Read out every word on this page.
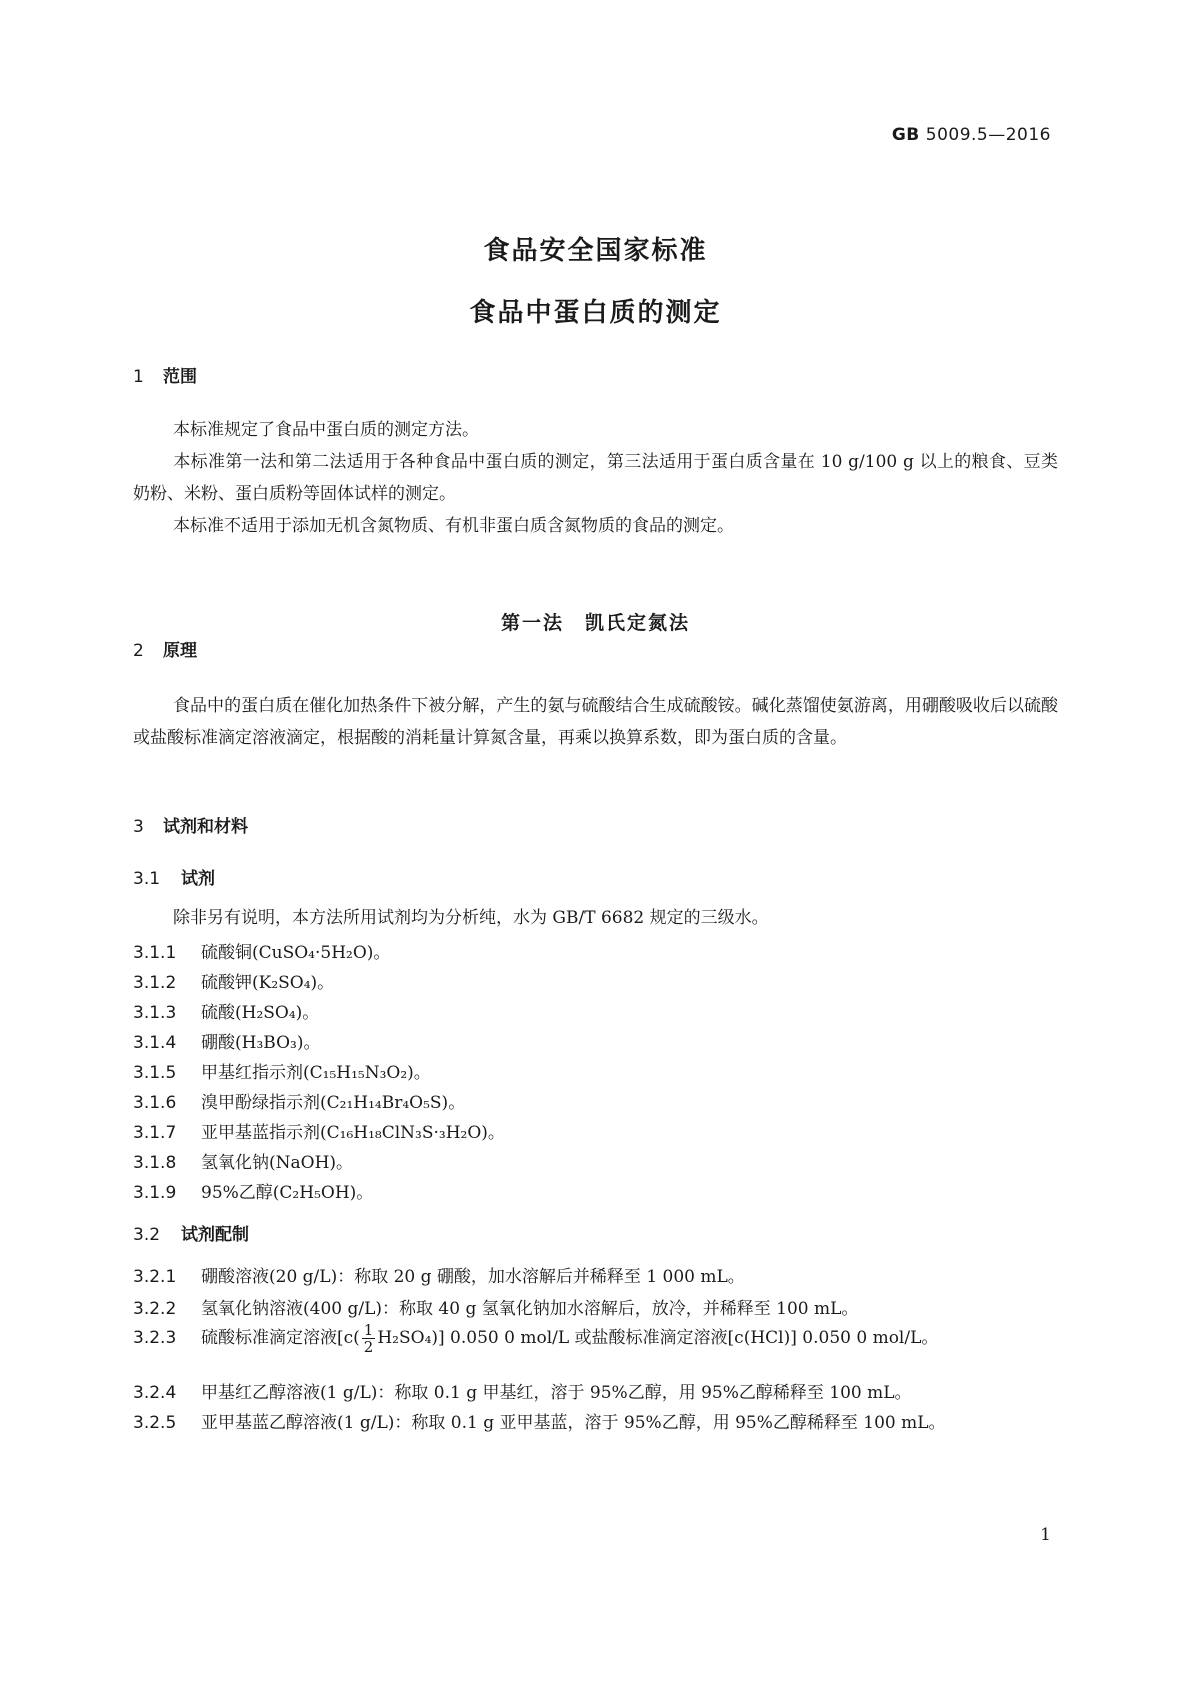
GB 5009.5—2016
食品安全国家标准
食品中蛋白质的测定
1 范围
本标准规定了食品中蛋白质的测定方法。
本标准第一法和第二法适用于各种食品中蛋白质的测定，第三法适用于蛋白质含量在 10 g/100 g 以上的粮食、豆类奶粉、米粉、蛋白质粉等固体试样的测定。
本标准不适用于添加无机含氮物质、有机非蛋白质含氮物质的食品的测定。
第一法　凯氏定氮法
2 原理
食品中的蛋白质在催化加热条件下被分解，产生的氨与硫酸结合生成硫酸铵。碱化蒸馏使氨游离，用硼酸吸收后以硫酸或盐酸标准滴定溶液滴定，根据酸的消耗量计算氮含量，再乘以换算系数，即为蛋白质的含量。
3 试剂和材料
3.1 试剂
除非另有说明，本方法所用试剂均为分析纯，水为 GB/T 6682 规定的三级水。
3.1.1 硫酸铜(CuSO₄·5H₂O)。
3.1.2 硫酸钾(K₂SO₄)。
3.1.3 硫酸(H₂SO₄)。
3.1.4 硼酸(H₃BO₃)。
3.1.5 甲基红指示剂(C₁₅H₁₅N₃O₂)。
3.1.6 溴甲酚绿指示剂(C₂₁H₁₄Br₄O₅S)。
3.1.7 亚甲基蓝指示剂(C₁₆H₁₈ClN₃S·₃H₂O)。
3.1.8 氢氧化钠(NaOH)。
3.1.9 95%乙醇(C₂H₅OH)。
3.2 试剂配制
3.2.1 硼酸溶液(20 g/L)：称取 20 g 硼酸，加水溶解后并稀释至 1 000 mL。
3.2.2 氢氧化钠溶液(400 g/L)：称取 40 g 氢氧化钠加水溶解后，放冷，并稀释至 100 mL。
3.2.3 硫酸标准滴定溶液$[c( \frac{1}{2} H_2SO_4)]$ 0.050 0 mol/L 或盐酸标准滴定溶液[c(HCl)] 0.050 0 mol/L。
3.2.4 甲基红乙醇溶液(1 g/L)：称取 0.1 g 甲基红，溶于 95%乙醇，用 95%乙醇稀释至 100 mL。
3.2.5 亚甲基蓝乙醇溶液(1 g/L)：称取 0.1 g 亚甲基蓝，溶于 95%乙醇，用 95%乙醇稀释至 100 mL。
1
